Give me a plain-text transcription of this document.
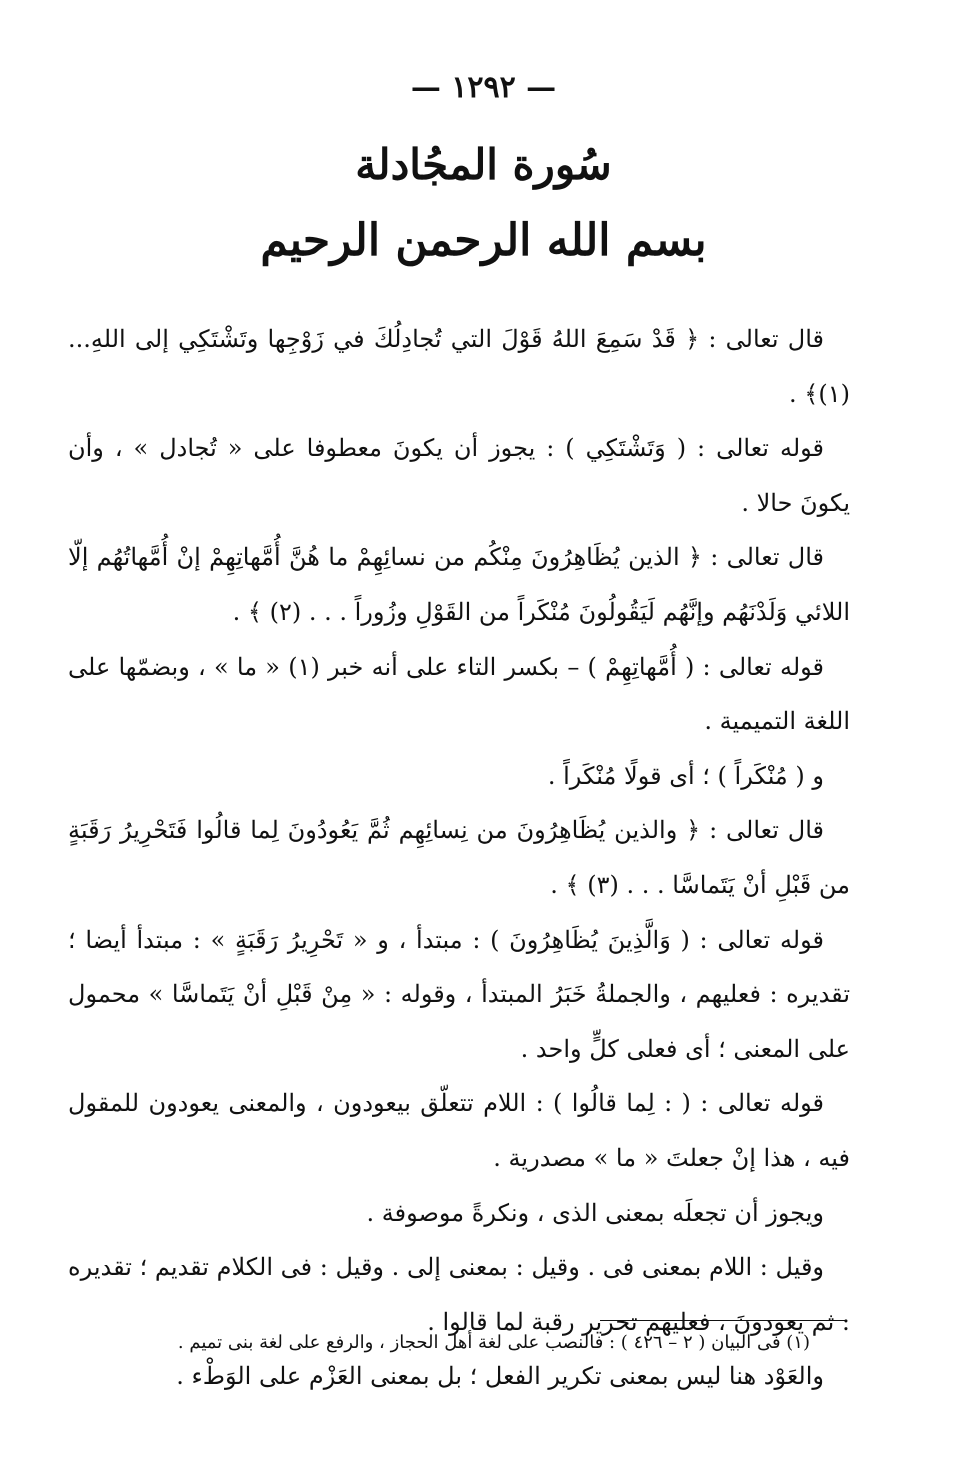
— ۱۲۹۲ —
سُورة المجُادلة
بسم الله الرحمن الرحيم

قال تعالى : ﴿ قَدْ سَمِعَ اللهُ قَوْلَ التي تُجادِلُكَ في زَوْجِها وتَشْتَكِي إلى اللهِ...(١)﴾ .

قوله تعالى : ( وَتَشْتَكِي ) : يجوز أن يكونَ معطوفا على « تُجادل » ، وأن يكونَ حالا .

قال تعالى : ﴿ الذين يُظَاهِرُونَ مِنْكُم من نسائِهِمْ ما هُنَّ أُمَّهاتِهِمْ إنْ أُمَّهاتُهُم إلّا اللائي وَلَدْنَهُم وإنَّهُم لَيَقُولُونَ مُنْكَراً من القَوْلِ وزُوراً . . . (٢) ﴾ .

قوله تعالى : ( أُمَّهاتِهِمْ ) – بكسر التاء على أنه خبر (١) « ما » ، وبضمّها على اللغة التميمية .

و ( مُنْكَراً ) ؛ أى قولًا مُنْكَراً .

قال تعالى : ﴿ والذين يُظَاهِرُونَ من نِسائِهِم ثُمَّ يَعُودُونَ لِما قالُوا فَتَحْرِيرُ رَقَبَةٍ من قَبْلِ أنْ يَتَماسَّا . . . (٣) ﴾ .

قوله تعالى : ( وَالَّذِينَ يُظَاهِرُونَ ) : مبتدأ ، و « تَحْرِيرُ رَقَبَةٍ » : مبتدأ أيضا ؛ تقديره : فعليهم ، والجملةُ خَبَرُ المبتدأ ، وقوله : « مِنْ قَبْلِ أنْ يَتَماسَّا » محمول على المعنى ؛ أى فعلى كلٍّ واحد .

قوله تعالى : ( : لِما قالُوا ) : اللام تتعلّق بيعودون ، والمعنى يعودون للمقول فيه ، هذا إنْ جعلتَ « ما » مصدرية .

ويجوز أن تجعلَه بمعنى الذى ، ونكرةً موصوفة .

وقيل : اللام بمعنى فى . وقيل : بمعنى إلى . وقيل : فى الكلام تقديم ؛ تقديره : ثم يعودونَ ، فعليهم تحرير رقبة لما قالوا .

والعَوْد هنا ليس بمعنى تكرير الفعل ؛ بل بمعنى العَزْم على الوَطْء .

(١) فى البيان ( ٢ – ٤٢٦ ) : فالنصب على لغة أهل الحجاز ، والرفع على لغة بنى تميم .
